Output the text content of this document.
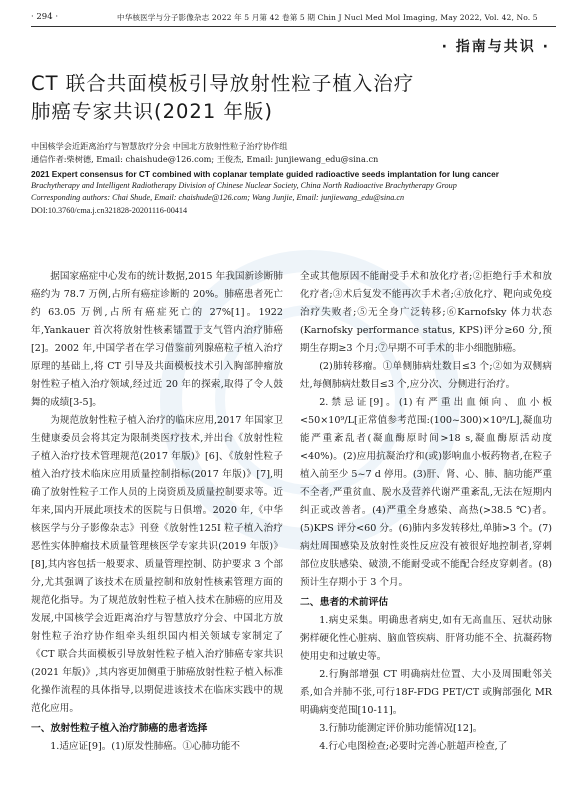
· 294 ·	中华核医学与分子影像杂志 2022 年 5 月第 42 卷第 5 期 Chin J Nucl Med Mol Imaging, May 2022, Vol. 42, No. 5
· 指南与共识 ·
CT 联合共面模板引导放射性粒子植入治疗
肺癌专家共识(2021 年版)
中国核学会近距离治疗与智慧放疗分会 中国北方放射性粒子治疗协作组
通信作者:柴树德, Email: chaishude@126.com; 王俊杰, Email: junjiewang_edu@sina.cn
2021 Expert consensus for CT combined with coplanar template guided radioactive seeds implantation for lung cancer
Brachytherapy and Intelligent Radiotherapy Division of Chinese Nuclear Society, China North Radioactive Brachytherapy Group
Corresponding authors: Chai Shude, Email: chaishude@126.com; Wang Junjie, Email: junjiewang_edu@sina.cn
DOI:10.3760/cma.j.cn321828-20201116-00414

据国家癌症中心发布的统计数据,2015 年我国新诊断肺癌约为 78.7 万例,占所有癌症诊断的 20%。肺癌患者死亡约 63.05 万例,占所有癌症死亡的 27%[1]。1922 年,Yankauer 首次将放射性核素镭置于支气管内治疗肺癌[2]。2002 年,中国学者在学习借鉴前列腺癌粒子植入治疗原理的基础上,将 CT 引导及共面模板技术引入胸部肿瘤放射性粒子植入治疗领域,经过近 20 年的探索,取得了令人鼓舞的成绩[3-5]。

为规范放射性粒子植入治疗的临床应用,2017 年国家卫生健康委员会将其定为限制类医疗技术,并出台《放射性粒子植入治疗技术管理规范(2017 年版)》[6]、《放射性粒子植入治疗技术临床应用质量控制指标(2017 年版)》[7],明确了放射性粒子工作人员的上岗资质及质量控制要求等。近年来,国内开展此项技术的医院与日俱增。2020 年,《中华核医学与分子影像杂志》刊登《放射性125I 粒子植入治疗恶性实体肿瘤技术质量管理核医学专家共识(2019 年版)》[8],其内容包括一般要求、质量管理控制、防护要求 3 个部分,尤其强调了该技术在质量控制和放射性核素管理方面的规范化指导。为了规范放射性粒子植入技术在肺癌的应用及发展,中国核学会近距离治疗与智慧放疗分会、中国北方放射性粒子治疗协作组牵头组织国内相关领域专家制定了《CT 联合共面模板引导放射性粒子植入治疗肺癌专家共识(2021 年版)》,其内容更加侧重于肺癌放射性粒子植入标准化操作流程的具体指导,以期促进该技术在临床实践中的规范化应用。

一、放射性粒子植入治疗肺癌的患者选择

1.适应证[9]。(1)原发性肺癌。①心肺功能不

全或其他原因不能耐受手术和放化疗者;②拒绝行手术和放化疗者;③术后复发不能再次手术者;④放化疗、靶向或免疫治疗失败者;⑤无全身广泛转移;⑥Karnofsky 体力状态(Karnofsky performance status, KPS)评分≥60 分,预期生存期≥3 个月;⑦早期不可手术的非小细胞肺癌。

(2)肺转移瘤。①单侧肺病灶数目≤3 个;②如为双侧病灶,每侧肺病灶数目≤3 个,应分次、分侧进行治疗。

2.禁忌证[9]。(1)有严重出血倾向、血小板<50×10⁹/L[正常值参考范围:(100~300)×10⁹/L],凝血功能严重紊乱者(凝血酶原时间>18 s,凝血酶原活动度<40%)。(2)应用抗凝治疗和(或)影响血小板药物者,在粒子植入前至少 5~7 d 停用。(3)肝、肾、心、肺、脑功能严重不全者,严重贫血、脱水及营养代谢严重紊乱,无法在短期内纠正或改善者。(4)严重全身感染、高热(>38.5 ℃)者。(5)KPS 评分<60 分。(6)肺内多发转移灶,单肺>3 个。(7)病灶周围感染及放射性炎性反应没有被很好地控制者,穿刺部位皮肤感染、破溃,不能耐受或不能配合经皮穿刺者。(8)预计生存期小于 3 个月。

二、患者的术前评估

1.病史采集。明确患者病史,如有无高血压、冠状动脉粥样硬化性心脏病、脑血管疾病、肝肾功能不全、抗凝药物使用史和过敏史等。

2.行胸部增强 CT 明确病灶位置、大小及周围毗邻关系,如合并肺不张,可行18F-FDG PET/CT 或胸部强化 MR 明确病变范围[10-11]。

3.行肺功能测定评价肺功能情况[12]。

4.行心电图检查;必要时完善心脏超声检查,了
